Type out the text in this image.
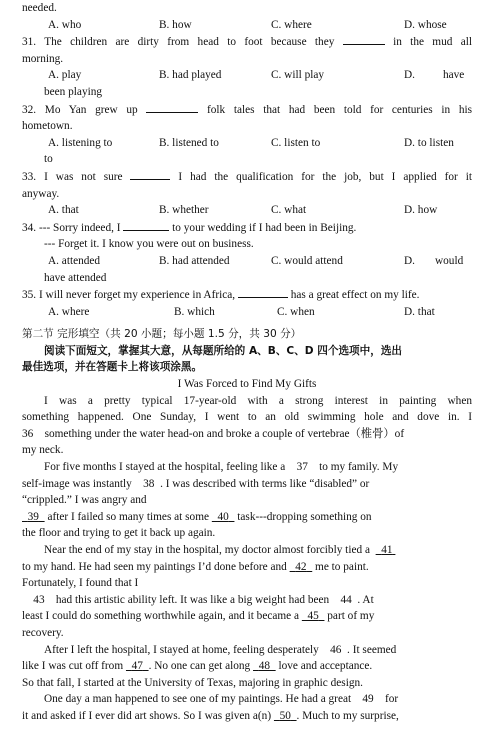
needed.
A. who	B. how	C. where	D. whose
31. The children are dirty from head to foot because they	in the mud all
morning.
A. play	B. had played	C. will play	D. have
been playing
32. Mo Yan grew up	folk tales that had been told for centuries in his
hometown.
A. listening to	B. listened to	C. listen to	D. to listen
to
33. I was not sure	I had the qualification for the job, but I applied for it
anyway.
A. that	B. whether	C. what	D. how
34. --- Sorry indeed, I	to your wedding if I had been in Beijing.
--- Forget it. I know you were out on business.
A. attended	B. had attended	C. would attend	D. would
have attended
35. I will never forget my experience in Africa,	has a great effect on my life.
A. where	B. which	C. when	D. that
第二节 完形填空（共 20 小题；每小题 1.5 分，共 30 分）
阅读下面短文，掌握其大意，从每题所给的 A、B、C、D 四个选项中，选出
最佳选项，并在答题卡上将该项涂黑。
I Was Forced to Find My Gifts
I was a pretty typical 17-year-old with a strong interest in painting when
something happened. One Sunday, I went to an old swimming hole and dove in. I
36 something under the water head-on and broke a couple of vertebrae（椎骨）of
my neck.
For five months I stayed at the hospital, feeling like a 37 to my family. My
self-image was instantly 38 . I was described with terms like “disabled” or
“crippled.” I was angry and
39 after I failed so many times at some 40 task---dropping something on
the floor and trying to get it back up again.
Near the end of my stay in the hospital, my doctor almost forcibly tied a 41
to my hand. He had seen my paintings I’d done before and 42 me to paint.
Fortunately, I found that I
43 had this artistic ability left. It was like a big weight had been 44 . At
least I could do something worthwhile again, and it became a 45 part of my
recovery.
After I left the hospital, I stayed at home, feeling desperately 46 . It seemed
like I was cut off from 47 . No one can get along 48 love and acceptance.
So that fall, I started at the University of Texas, majoring in graphic design.
One day a man happened to see one of my paintings. He had a great 49 for
it and asked if I ever did art shows. So I was given a(n) 50 . Much to my surprise,
